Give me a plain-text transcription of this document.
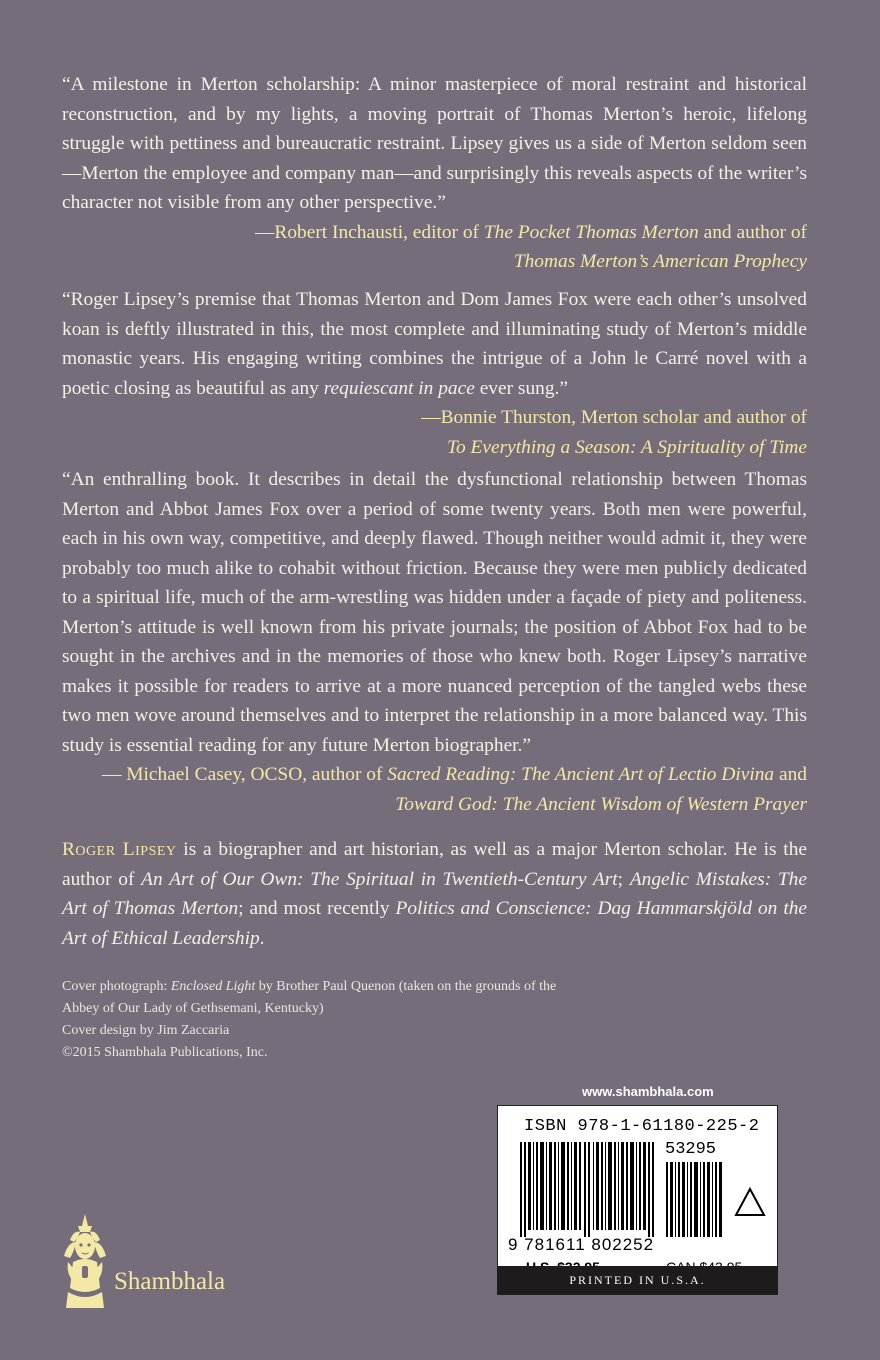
“A milestone in Merton scholarship: A minor masterpiece of moral restraint and historical reconstruction, and by my lights, a moving portrait of Thomas Merton’s heroic, lifelong struggle with pettiness and bureaucratic restraint. Lipsey gives us a side of Merton seldom seen—Merton the employee and company man—and surprisingly this reveals aspects of the writer’s character not visible from any other perspective.”
—Robert Inchausti, editor of The Pocket Thomas Merton and author of
Thomas Merton’s American Prophecy
“Roger Lipsey’s premise that Thomas Merton and Dom James Fox were each other’s unsolved koan is deftly illustrated in this, the most complete and illuminating study of Merton’s middle monastic years. His engaging writing combines the intrigue of a John le Carré novel with a poetic closing as beautiful as any requiescant in pace ever sung.”
—Bonnie Thurston, Merton scholar and author of
To Everything a Season: A Spirituality of Time
“An enthralling book. It describes in detail the dysfunctional relationship between Thomas Merton and Abbot James Fox over a period of some twenty years. Both men were powerful, each in his own way, competitive, and deeply flawed. Though neither would admit it, they were probably too much alike to cohabit without friction. Because they were men publicly dedicated to a spiritual life, much of the arm-wrestling was hidden under a façade of piety and politeness. Merton’s attitude is well known from his private journals; the position of Abbot Fox had to be sought in the archives and in the memories of those who knew both. Roger Lipsey’s narrative makes it possible for readers to arrive at a more nuanced perception of the tangled webs these two men wove around themselves and to interpret the relationship in a more balanced way. This study is essential reading for any future Merton biographer.”
— Michael Casey, OCSO, author of Sacred Reading: The Ancient Art of Lectio Divina and Toward God: The Ancient Wisdom of Western Prayer
Roger Lipsey is a biographer and art historian, as well as a major Merton scholar. He is the author of An Art of Our Own: The Spiritual in Twentieth-Century Art; Angelic Mistakes: The Art of Thomas Merton; and most recently Politics and Conscience: Dag Hammarskjöld on the Art of Ethical Leadership.
Cover photograph: Enclosed Light by Brother Paul Quenon (taken on the grounds of the Abbey of Our Lady of Gethsemani, Kentucky)
Cover design by Jim Zaccaria
©2015 Shambhala Publications, Inc.
www.shambhala.com
ISBN 978-1-61180-225-2
53295
9 781611 802252
PRINTED IN U.S.A.
Shambhala
